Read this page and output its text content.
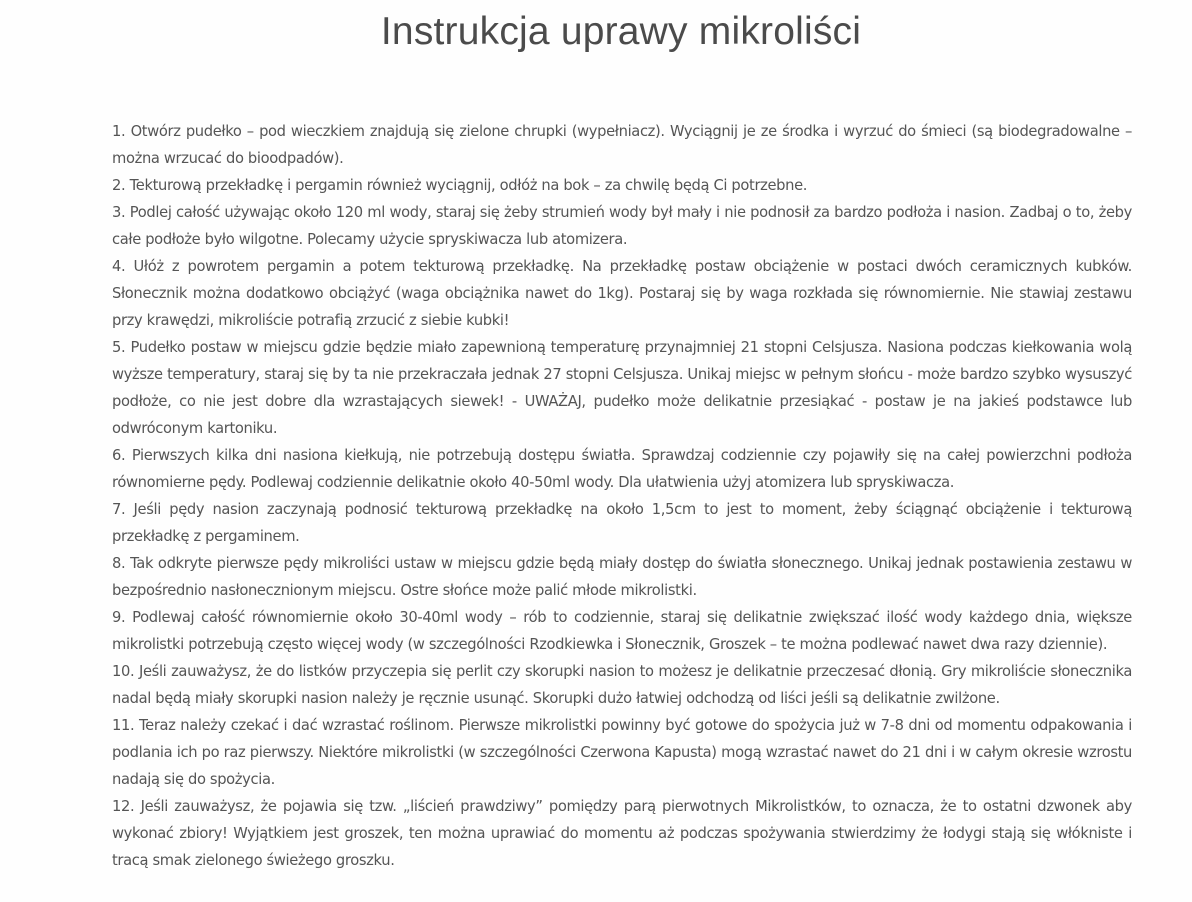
Instrukcja uprawy mikroliści

1. Otwórz pudełko – pod wieczkiem znajdują się zielone chrupki (wypełniacz). Wyciągnij je ze środka i wyrzuć do śmieci (są biodegradowalne – można wrzucać do bioodpadów).

2. Tekturową przekładkę i pergamin również wyciągnij, odłóż na bok – za chwilę będą Ci potrzebne.

3. Podlej całość używając około 120 ml wody, staraj się żeby strumień wody był mały i nie podnosił za bardzo podłoża i nasion. Zadbaj o to, żeby całe podłoże było wilgotne. Polecamy użycie spryskiwacza lub atomizera.

4. Ułóż z powrotem pergamin a potem tekturową przekładkę. Na przekładkę postaw obciążenie w postaci dwóch ceramicznych kubków. Słonecznik można dodatkowo obciążyć (waga obciążnika nawet do 1kg). Postaraj się by waga rozkłada się równomiernie. Nie stawiaj zestawu przy krawędzi, mikroliście potrafią zrzucić z siebie kubki!

5. Pudełko postaw w miejscu gdzie będzie miało zapewnioną temperaturę przynajmniej 21 stopni Celsjusza. Nasiona podczas kiełkowania wolą wyższe temperatury, staraj się by ta nie przekraczała jednak 27 stopni Celsjusza. Unikaj miejsc w pełnym słońcu - może bardzo szybko wysuszyć podłoże, co nie jest dobre dla wzrastających siewek! - UWAŻAJ, pudełko może delikatnie przesiąkać - postaw je na jakieś podstawce lub odwróconym kartoniku.

6. Pierwszych kilka dni nasiona kiełkują, nie potrzebują dostępu światła. Sprawdzaj codziennie czy pojawiły się na całej powierzchni podłoża równomierne pędy. Podlewaj codziennie delikatnie około 40-50ml wody. Dla ułatwienia użyj atomizera lub spryskiwacza.

7. Jeśli pędy nasion zaczynają podnosić tekturową przekładkę na około 1,5cm to jest to moment, żeby ściągnąć obciążenie i tekturową przekładkę z pergaminem.

8. Tak odkryte pierwsze pędy mikroliści ustaw w miejscu gdzie będą miały dostęp do światła słonecznego. Unikaj jednak postawienia zestawu w bezpośrednio nasłonecznionym miejscu. Ostre słońce może palić młode mikrolistki.

9. Podlewaj całość równomiernie około 30-40ml wody – rób to codziennie, staraj się delikatnie zwiększać ilość wody każdego dnia, większe mikrolistki potrzebują często więcej wody (w szczególności Rzodkiewka i Słonecznik, Groszek – te można podlewać nawet dwa razy dziennie).

10. Jeśli zauważysz, że do listków przyczepia się perlit czy skorupki nasion to możesz je delikatnie przeczesać dłonią. Gry mikroliście słonecznika nadal będą miały skorupki nasion należy je ręcznie usunąć. Skorupki dużo łatwiej odchodzą od liści jeśli są delikatnie zwilżone.

11. Teraz należy czekać i dać wzrastać roślinom. Pierwsze mikrolistki powinny być gotowe do spożycia już w 7-8 dni od momentu odpakowania i podlania ich po raz pierwszy. Niektóre mikrolistki (w szczególności Czerwona Kapusta) mogą wzrastać nawet do 21 dni i w całym okresie wzrostu nadają się do spożycia.

12. Jeśli zauważysz, że pojawia się tzw. „liścień prawdziwy” pomiędzy parą pierwotnych Mikrolistków, to oznacza, że to ostatni dzwonek aby wykonać zbiory! Wyjątkiem jest groszek, ten można uprawiać do momentu aż podczas spożywania stwierdzimy że łodygi stają się włókniste i tracą smak zielonego świeżego groszku.
